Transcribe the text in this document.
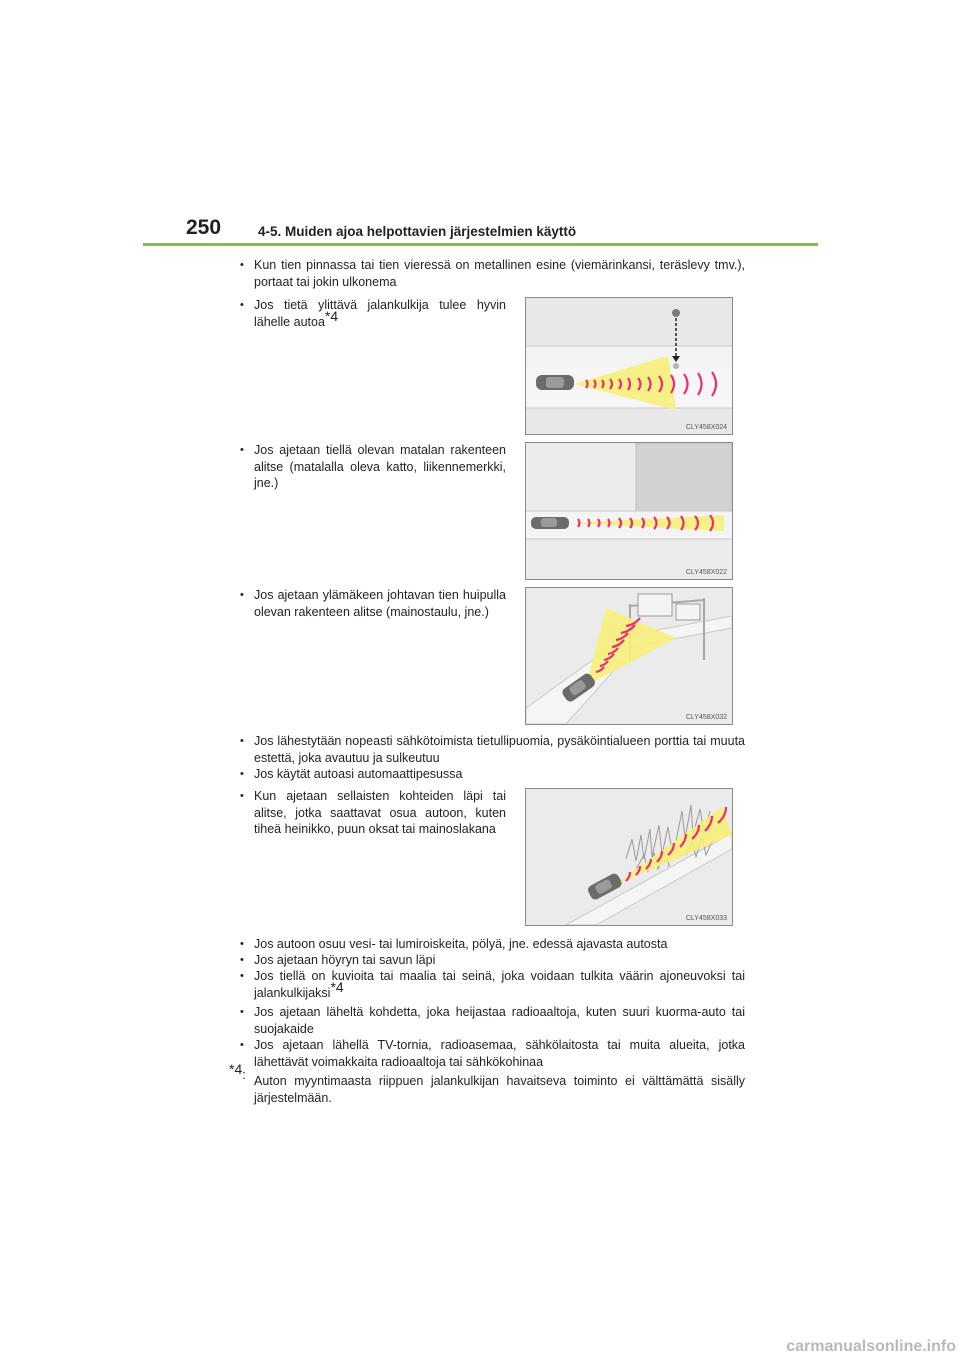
250	4-5. Muiden ajoa helpottavien järjestelmien käyttö
• Kun tien pinnassa tai tien vieressä on metallinen esine (viemärinkansi, teräslevy tmv.), portaat tai jokin ulkonema
• Jos tietä ylittävä jalankulkija tulee hyvin lähelle autoa*4
CLY458X024
• Jos ajetaan tiellä olevan matalan rakenteen alitse (matalalla oleva katto, liikennemerkki, jne.)
CLY458X022
• Jos ajetaan ylämäkeen johtavan tien huipulla olevan rakenteen alitse (mainostaulu, jne.)
CLY458X032
• Jos lähestytään nopeasti sähkötoimista tietullipuomia, pysäköintialueen porttia tai muuta estettä, joka avautuu ja sulkeutuu
• Jos käytät autoasi automaattipesussa
• Kun ajetaan sellaisten kohteiden läpi tai alitse, jotka saattavat osua autoon, kuten tiheä heinikko, puun oksat tai mainoslakana
CLY458X033
• Jos autoon osuu vesi- tai lumiroiskeita, pölyä, jne. edessä ajavasta autosta
• Jos ajetaan höyryn tai savun läpi
• Jos tiellä on kuvioita tai maalia tai seinä, joka voidaan tulkita väärin ajoneuvoksi tai jalankulkijaksi*4
• Jos ajetaan läheltä kohdetta, joka heijastaa radioaaltoja, kuten suuri kuorma-auto tai suojakaide
• Jos ajetaan lähellä TV-tornia, radioasemaa, sähkölaitosta tai muita alueita, jotka lähettävät voimakkaita radioaaltoja tai sähkökohinaa
*4: Auton myyntimaasta riippuen jalankulkijan havaitseva toiminto ei välttämättä sisälly järjestelmään.
carmanualsonline.info
